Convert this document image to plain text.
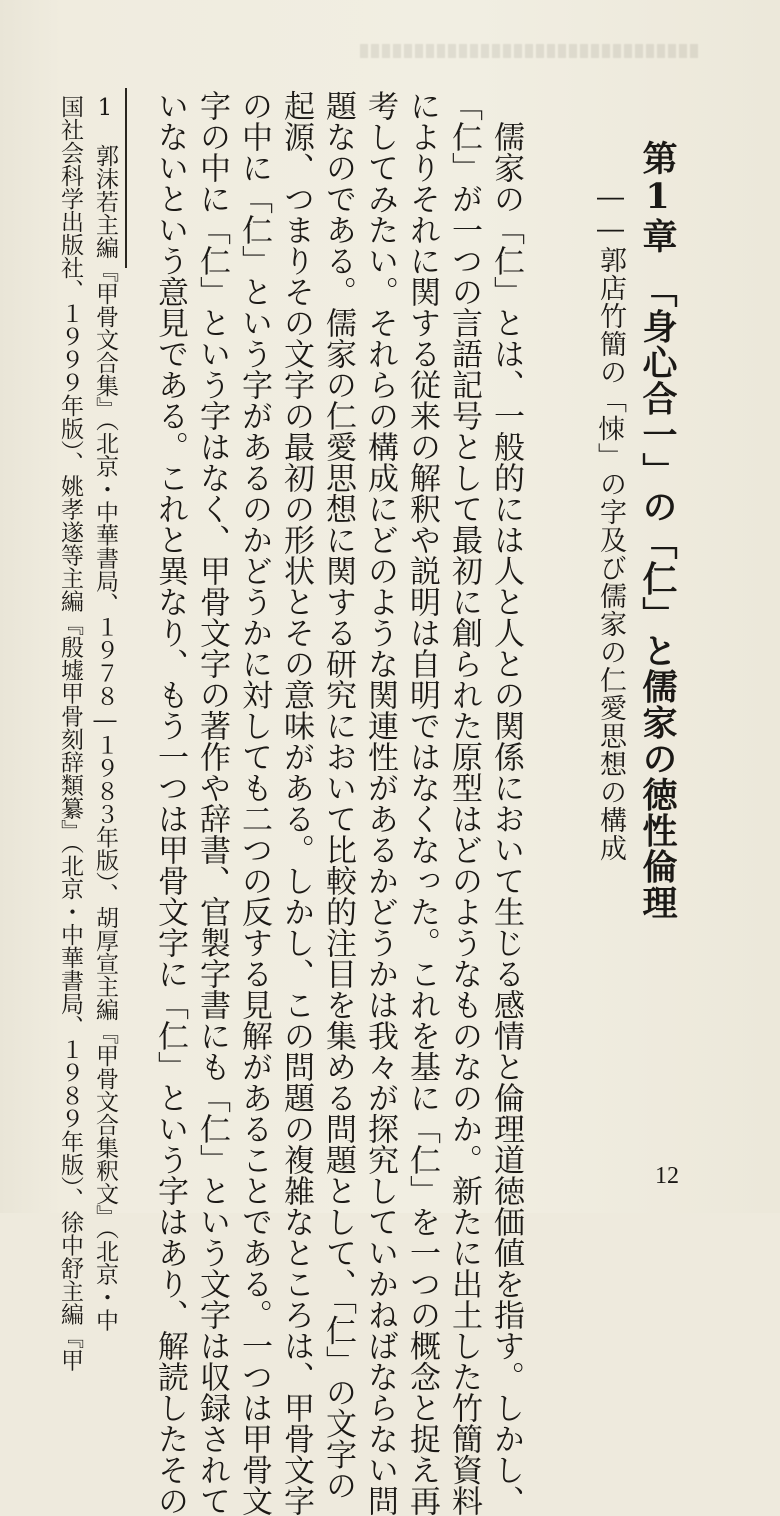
第1章　「身心合一」の「仁」と儒家の徳性倫理
――郭店竹簡の「𢙀」の字及び儒家の仁愛思想の構成
　儒家の「仁」とは、一般的には人と人との関係において生じる感情と倫理道徳価値を指す。しかし、
「仁」が一つの言語記号として最初に創られた原型はどのようなものなのか。新たに出土した竹簡資料
によりそれに関する従来の解釈や説明は自明ではなくなった。これを基に「仁」を一つの概念と捉え再
考してみたい。それらの構成にどのような関連性があるかどうかは我々が探究していかねばならない問
題なのである。儒家の仁愛思想に関する研究において比較的注目を集める問題として、「仁」の文字の
起源、つまりその文字の最初の形状とその意味がある。しかし、この問題の複雑なところは、甲骨文字
の中に「仁」という字があるのかどうかに対しても二つの反する見解があることである。一つは甲骨文
字の中に「仁」という字はなく、甲骨文字の著作や辞書、官製字書にも「仁」という文字は収録されて
いないという意見である。これと異なり、もう一つは甲骨文字に「仁」という字はあり、解読したその
1　郭沫若主編『甲骨文合集』（北京・中華書局、１９７８―１９８３年版）、胡厚宣主編『甲骨文合集釈文』（北京・中
国社会科学出版社、１９９９年版）、姚孝遂等主編『殷墟甲骨刻辞類纂』（北京・中華書局、１９８９年版）、徐中舒主編『甲	12
